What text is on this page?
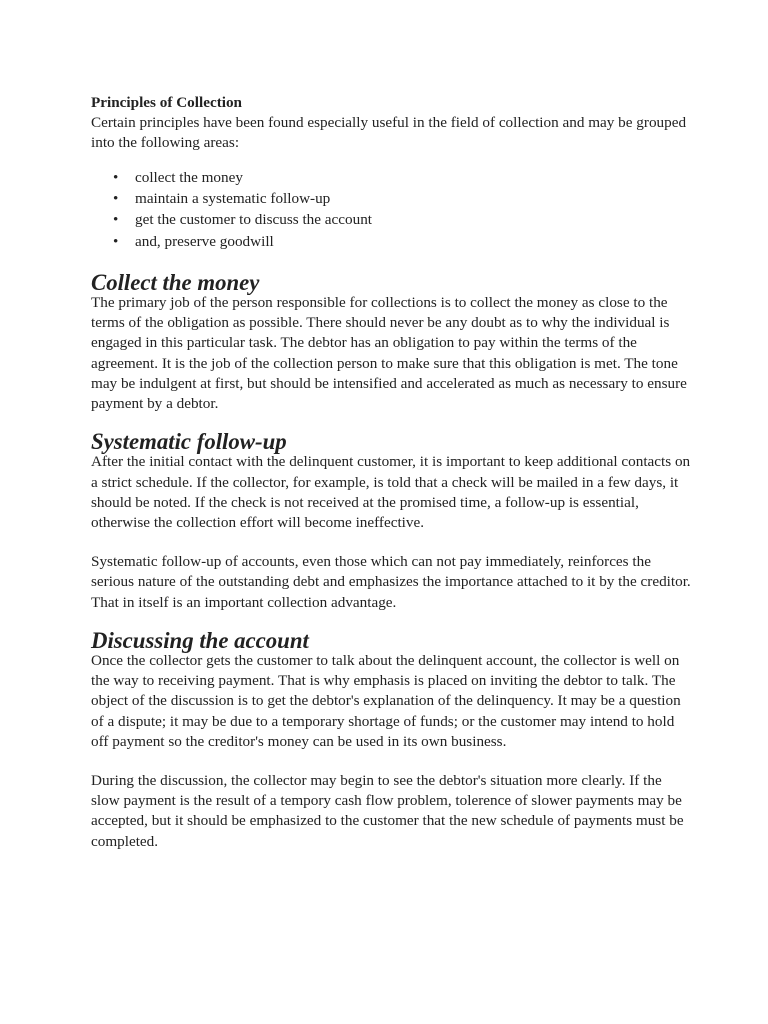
Principles of Collection

Certain principles have been found especially useful in the field of collection and may be grouped into the following areas:

• collect the money
• maintain a systematic follow-up
• get the customer to discuss the account
• and, preserve goodwill
Collect the money

The primary job of the person responsible for collections is to collect the money as close to the terms of the obligation as possible. There should never be any doubt as to why the individual is engaged in this particular task. The debtor has an obligation to pay within the terms of the agreement. It is the job of the collection person to make sure that this obligation is met. The tone may be indulgent at first, but should be intensified and accelerated as much as necessary to ensure payment by a debtor.

Systematic follow-up

After the initial contact with the delinquent customer, it is important to keep additional contacts on a strict schedule. If the collector, for example, is told that a check will be mailed in a few days, it should be noted. If the check is not received at the promised time, a follow-up is essential, otherwise the collection effort will become ineffective.

Systematic follow-up of accounts, even those which can not pay immediately, reinforces the serious nature of the outstanding debt and emphasizes the importance attached to it by the creditor. That in itself is an important collection advantage.

Discussing the account

Once the collector gets the customer to talk about the delinquent account, the collector is well on the way to receiving payment. That is why emphasis is placed on inviting the debtor to talk. The object of the discussion is to get the debtor's explanation of the delinquency. It may be a question of a dispute; it may be due to a temporary shortage of funds; or the customer may intend to hold off payment so the creditor's money can be used in its own business.

During the discussion, the collector may begin to see the debtor's situation more clearly. If the slow payment is the result of a tempory cash flow problem, tolerence of slower payments may be accepted, but it should be emphasized to the customer that the new schedule of payments must be completed.
